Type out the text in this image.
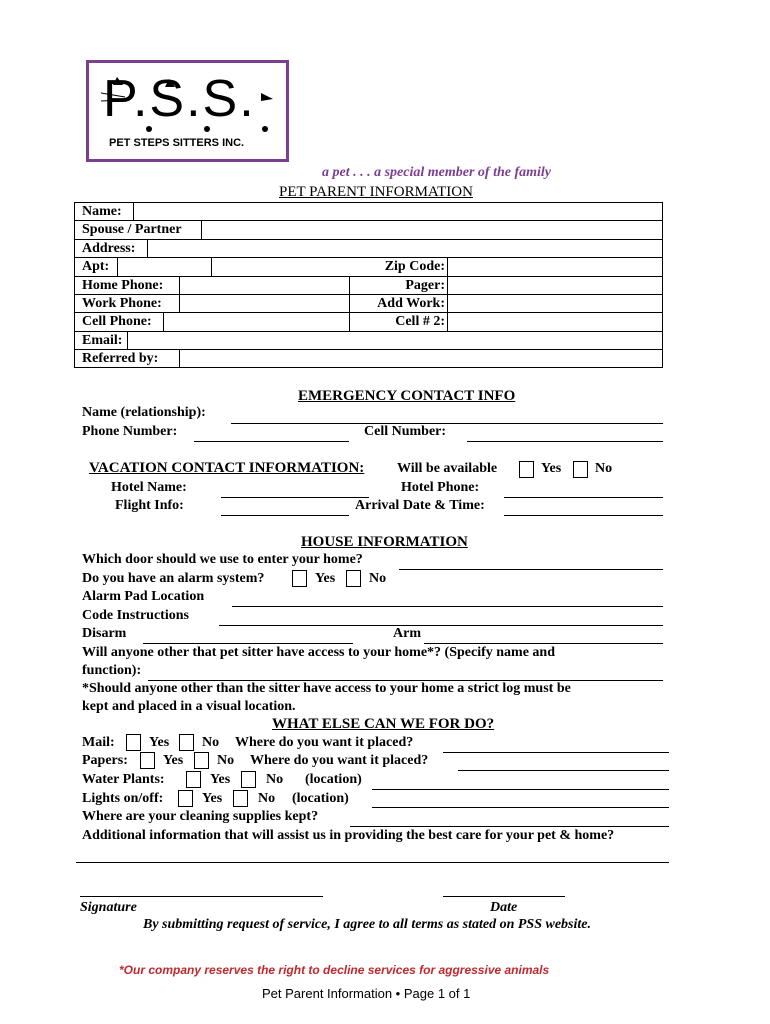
P.S.S.
PET STEPS SITTERS INC.
a pet . . . a special member of the family
PET PARENT INFORMATION
Name:
Spouse / Partner
Address:
Apt:	Zip Code:
Home Phone:	Pager:
Work Phone:	Add Work:
Cell Phone:	Cell # 2:
Email:
Referred by:
EMERGENCY CONTACT INFO
Name (relationship):
Phone Number:	Cell Number:
VACATION CONTACT INFORMATION: Will be available	Yes No
Hotel Name:	Hotel Phone:
Flight Info:	Arrival Date & Time:
HOUSE INFORMATION
Which door should we use to enter your home?
Do you have an alarm system?	Yes No
Alarm Pad Location
Code Instructions
Disarm	Arm
Will anyone other that pet sitter have access to your home*? (Specify name and
function):
*Should anyone other than the sitter have access to your home a strict log must be
kept and placed in a visual location.
WHAT ELSE CAN WE FOR DO?
Mail: Yes No Where do you want it placed?
Papers:	Yes No Where do you want it placed?
Water Plants:	Yes	No (location)
Lights on/off:	Yes	No (location)
Where are your cleaning supplies kept?
Additional information that will assist us in providing the best care for your pet & home?
Signature	Date
By submitting request of service, I agree to all terms as stated on PSS website.
*Our company reserves the right to decline services for aggressive animals
Pet Parent Information • Page 1 of 1
